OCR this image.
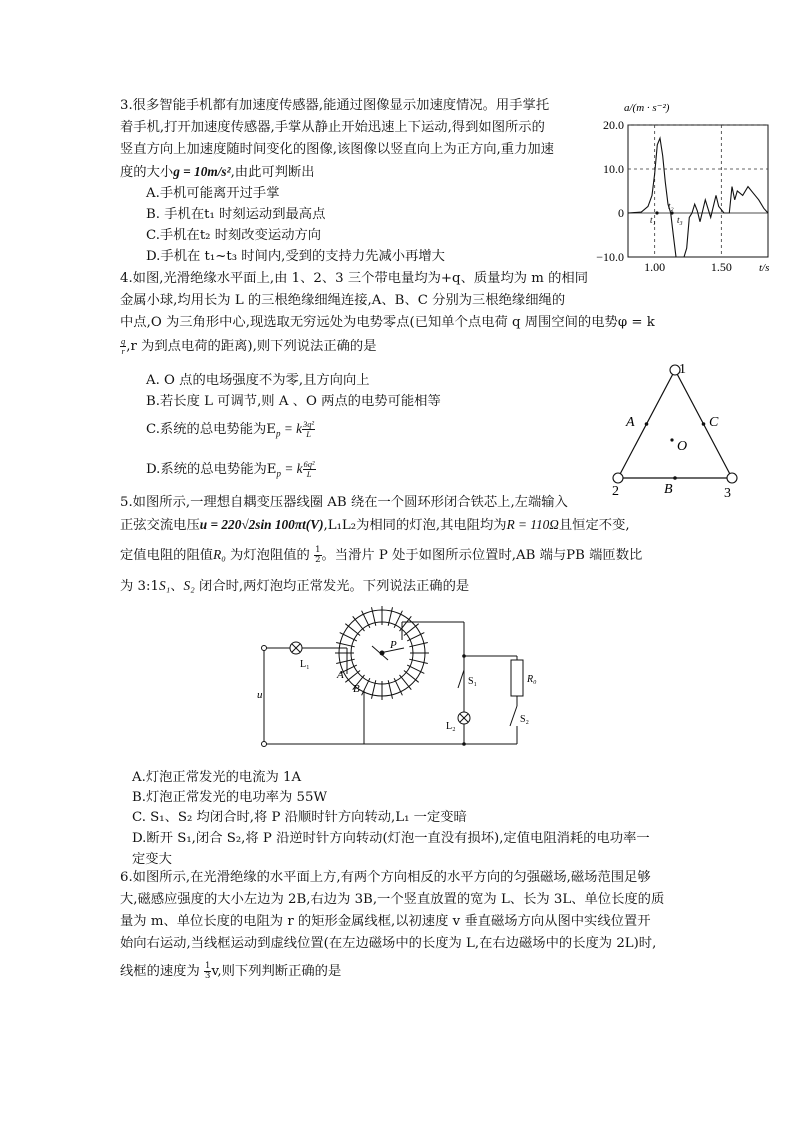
3.很多智能手机都有加速度传感器,能通过图像显示加速度情况。用手掌托
着手机,打开加速度传感器,手掌从静止开始迅速上下运动,得到如图所示的
竖直方向上加速度随时间变化的图像,该图像以竖直向上为正方向,重力加速
度的大小g = 10m/s²,由此可判断出
A.手机可能离开过手掌
B. 手机在t₁ 时刻运动到最高点
C.手机在t₂ 时刻改变运动方向
D.手机在 t₁~t₃ 时间内,受到的支持力先减小再增大
a/(m · s⁻²)
20.0
10.0
0
−10.0
1.00	1.50
t₁
t₂
t₃
t/s
4.如图,光滑绝缘水平面上,由 1、2、3 三个带电量均为+q、质量均为 m 的相同
金属小球,均用长为 L 的三根绝缘细绳连接,A、B、C 分别为三根绝缘细绳的
中点,O 为三角形中心,现选取无穷远处为电势零点(已知单个点电荷 q 周围空间的电势φ = k
$\frac{q}{r} ,r$ 为到点电荷的距离),则下列说法正确的是
A. O 点的电场强度不为零,且方向向上
B.若长度 L 可调节,则 A 、O 两点的电势可能相等
C.系统的总电势能为$E_p = k \frac{\text{3q²}}{L}$
D.系统的总电势能为$E_p = k \frac{\text{6q²}}{L}$
1
2	3
A
B
C
O
5.如图所示,一理想自耦变压器线圈 AB 绕在一个圆环形闭合铁芯上,左端输入
正弦交流电压u = 220√2sin 100πt(V),L₁L₂为相同的灯泡,其电阻均为R = 110Ω且恒定不变,
定值电阻的阻值R₀ 为灯泡阻值的 $\frac{1}{2}$ 。当滑片 P 处于如图所示位置时,AB 端与PB 端匝数比
为 3:1S₁、S₂ 闭合时,两灯泡均正常发光。下列说法正确的是
L₁
A
P
B
u
S₁	R₀
L₂
S₂
A.灯泡正常发光的电流为 1A
B.灯泡正常发光的电功率为 55W
C. S₁、S₂ 均闭合时,将 P 沿顺时针方向转动,L₁ 一定变暗
D.断开 S₁,闭合 S₂,将 P 沿逆时针方向转动(灯泡一直没有损坏),定值电阻消耗的电功率一
定变大
6.如图所示,在光滑绝缘的水平面上方,有两个方向相反的水平方向的匀强磁场,磁场范围足够
大,磁感应强度的大小左边为 2B,右边为 3B,一个竖直放置的宽为 L、长为 3L、单位长度的质
量为 m、单位长度的电阻为 r 的矩形金属线框,以初速度 v 垂直磁场方向从图中实线位置开
始向右运动,当线框运动到虚线位置(在左边磁场中的长度为 L,在右边磁场中的长度为 2L)时,
线框的速度为 $\frac{1}{3} v$,则下列判断正确的是
